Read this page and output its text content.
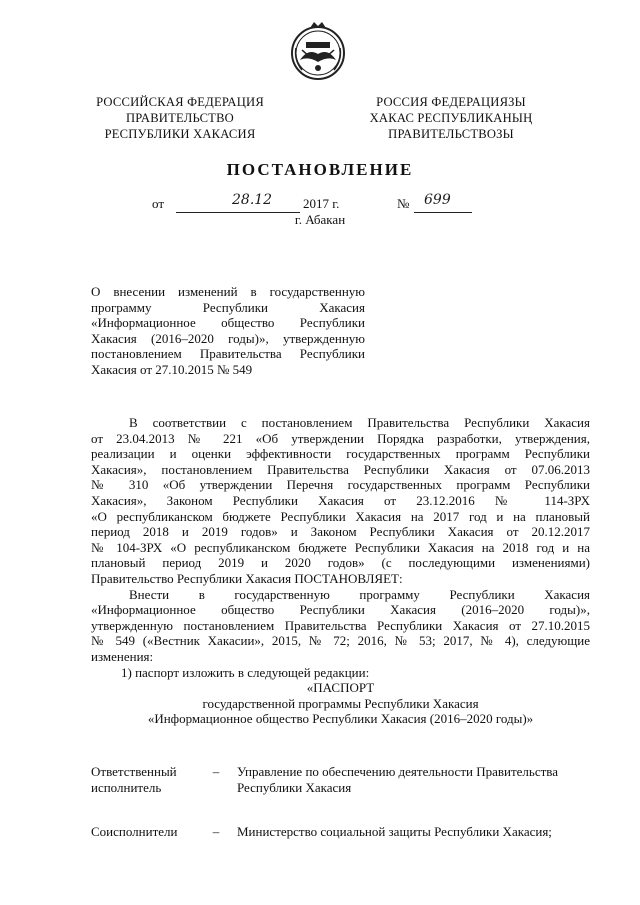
РОССИЙСКАЯ ФЕДЕРАЦИЯ
ПРАВИТЕЛЬСТВО
РЕСПУБЛИКИ ХАКАСИЯ
РОССИЯ ФЕДЕРАЦИЯЗЫ
ХАКАС РЕСПУБЛИКАНЫҢ
ПРАВИТЕЛЬСТВОЗЫ
ПОСТАНОВЛЕНИЕ
от	28.12 2017 г.	№ 699
г. Абакан
О внесении изменений в государственную
программу Республики Хакасия
«Информационное общество Республики
Хакасия (2016–2020 годы)», утвержденную
постановлением Правительства Республики
Хакасия от 27.10.2015 № 549
В соответствии с постановлением Правительства Республики Хакасия
от 23.04.2013 № 221 «Об утверждении Порядка разработки, утверждения,
реализации и оценки эффективности государственных программ Республики
Хакасия», постановлением Правительства Республики Хакасия от 07.06.2013
№ 310 «Об утверждении Перечня государственных программ Республики
Хакасия», Законом Республики Хакасия от 23.12.2016 № 114-ЗРХ
«О республиканском бюджете Республики Хакасия на 2017 год и на плановый
период 2018 и 2019 годов» и Законом Республики Хакасия от 20.12.2017
№ 104-ЗРХ «О республиканском бюджете Республики Хакасия на 2018 год и на
плановый период 2019 и 2020 годов» (с последующими изменениями)
Правительство Республики Хакасия ПОСТАНОВЛЯЕТ:
Внести в государственную программу Республики Хакасия
«Информационное общество Республики Хакасия (2016–2020 годы)»,
утвержденную постановлением Правительства Республики Хакасия от 27.10.2015
№ 549 («Вестник Хакасии», 2015, № 72; 2016, № 53; 2017, № 4), следующие
изменения:
1) паспорт изложить в следующей редакции:
«ПАСПОРТ
государственной программы Республики Хакасия
«Информационное общество Республики Хакасия (2016–2020 годы)»
Ответственный
исполнитель
–	Управление по обеспечению деятельности Правительства
Республики Хакасия
Соисполнители	–	Министерство социальной защиты Республики Хакасия;
